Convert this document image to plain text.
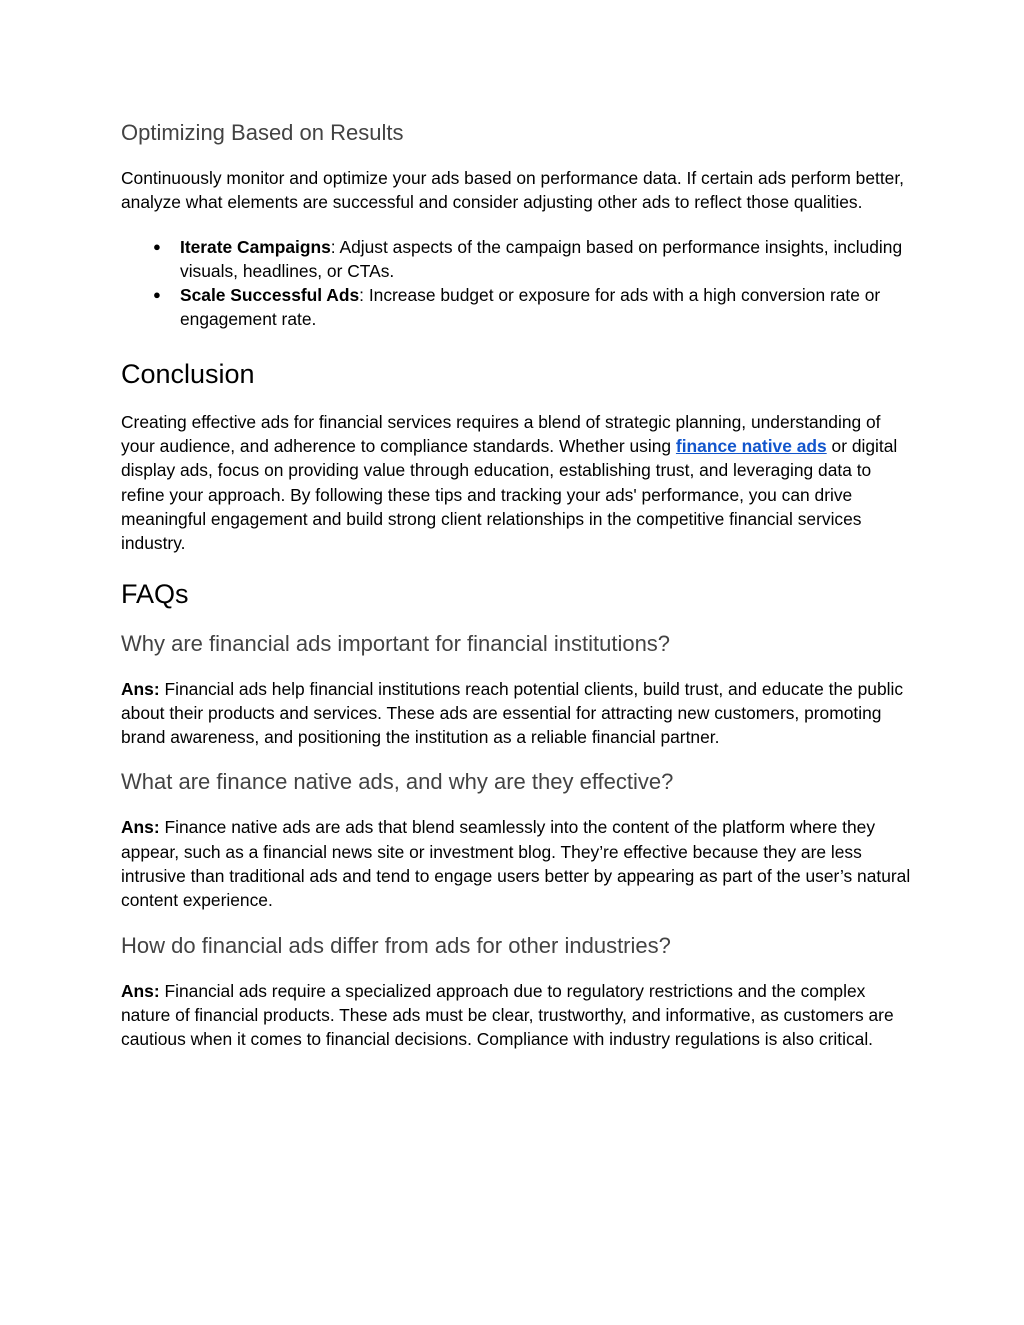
Optimizing Based on Results

Continuously monitor and optimize your ads based on performance data. If certain ads perform better, analyze what elements are successful and consider adjusting other ads to reflect those qualities.

● Iterate Campaigns: Adjust aspects of the campaign based on performance insights, including visuals, headlines, or CTAs.
● Scale Successful Ads: Increase budget or exposure for ads with a high conversion rate or engagement rate.
Conclusion

Creating effective ads for financial services requires a blend of strategic planning, understanding of your audience, and adherence to compliance standards. Whether using finance native ads or digital display ads, focus on providing value through education, establishing trust, and leveraging data to refine your approach. By following these tips and tracking your ads' performance, you can drive meaningful engagement and build strong client relationships in the competitive financial services industry.

FAQs
Why are financial ads important for financial institutions?

Ans: Financial ads help financial institutions reach potential clients, build trust, and educate the public about their products and services. These ads are essential for attracting new customers, promoting brand awareness, and positioning the institution as a reliable financial partner.

What are finance native ads, and why are they effective?

Ans: Finance native ads are ads that blend seamlessly into the content of the platform where they appear, such as a financial news site or investment blog. They’re effective because they are less intrusive than traditional ads and tend to engage users better by appearing as part of the user’s natural content experience.

How do financial ads differ from ads for other industries?

Ans: Financial ads require a specialized approach due to regulatory restrictions and the complex nature of financial products. These ads must be clear, trustworthy, and informative, as customers are cautious when it comes to financial decisions. Compliance with industry regulations is also critical.
